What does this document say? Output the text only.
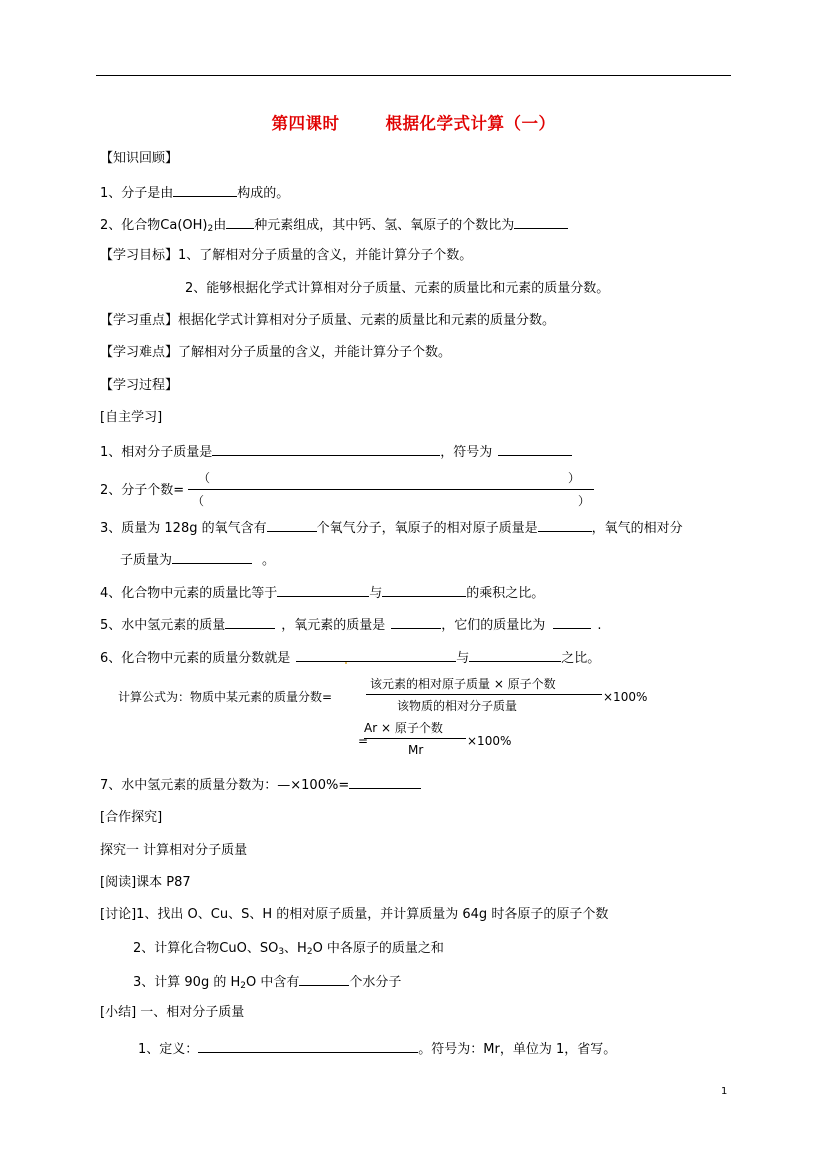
第四课时	根据化学式计算（一）
【知识回顾】
1、分子是由	构成的。
2、化合物$Ca(OH)_2$由 种元素组成，其中钙、氢、氧原子的个数比为
【学习目标】1、了解相对分子质量的含义，并能计算分子个数。
2、能够根据化学式计算相对分子质量、元素的质量比和元素的质量分数。
【学习重点】根据化学式计算相对分子质量、元素的质量比和元素的质量分数。
【学习难点】了解相对分子质量的含义，并能计算分子个数。
【学习过程】
[自主学习]
1、相对分子质量是	，符号为
2、分子个数=
（	）
（	）
3、质量为 128g 的氧气含有	个氧气分子，氧原子的相对原子质量是	，氧气的相对分
子质量为	。
4、化合物中元素的质量比等于	与	的乘积之比。
5、水中氢元素的质量	，氧元素的质量是	，它们的质量比为	.
6、化合物中元素的质量分数就是	与	之比。
计算公式为：物质中某元素的质量分数=
该元素的相对原子质量 × 原子个数
该物质的相对分子质量
×100%
=
Ar × 原子个数
Mr
×100%
7、水中氢元素的质量分数为：—×100%=
[合作探究]
探究一 计算相对分子质量
[阅读]课本 P87
[讨论]1、找出 O、Cu、S、H 的相对原子质量，并计算质量为 64g 时各原子的原子个数
2、计算化合物CuO、$SO_3$、$H_2O$ 中各原子的质量之和
3、计算 90g 的 $H_2O$ 中含有	个水分子
[小结] 一、相对分子质量
1、定义：	。符号为：Mr，单位为 1，省写。
1
